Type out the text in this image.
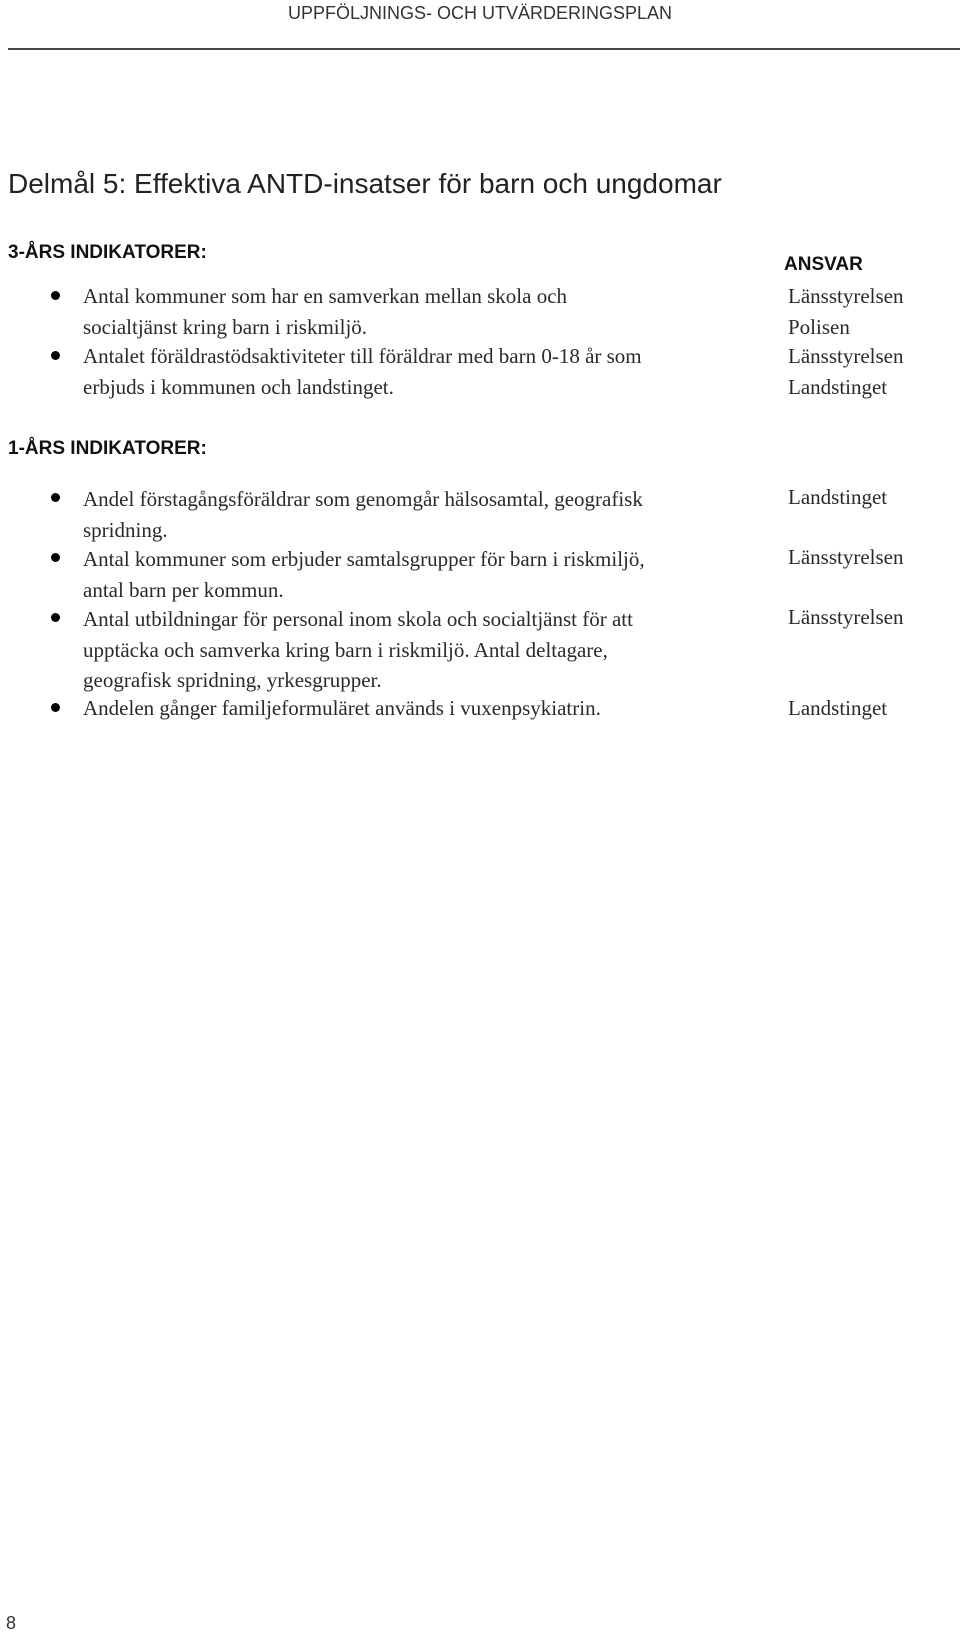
UPPFÖLJNINGS- OCH UTVÄRDERINGSPLAN
Delmål 5: Effektiva ANTD-insatser för barn och ungdomar
3-ÅRS INDIKATORER:
ANSVAR
Antal kommuner som har en samverkan mellan skola och
socialtjänst kring barn i riskmiljö.
Länsstyrelsen
Polisen
Antalet föräldrastödsaktiviteter till föräldrar med barn 0-18 år som
erbjuds i kommunen och landstinget.
Länsstyrelsen
Landstinget
1-ÅRS INDIKATORER:
Andel förstagångsföräldrar som genomgår hälsosamtal, geografisk
spridning.
Landstinget
Antal kommuner som erbjuder samtalsgrupper för barn i riskmiljö,
antal barn per kommun.
Länsstyrelsen
Antal utbildningar för personal inom skola och socialtjänst för att
upptäcka och samverka kring barn i riskmiljö. Antal deltagare,
geografisk spridning, yrkesgrupper.
Länsstyrelsen
Andelen gånger familjeformuläret används i vuxenpsykiatrin.	Landstinget
8
